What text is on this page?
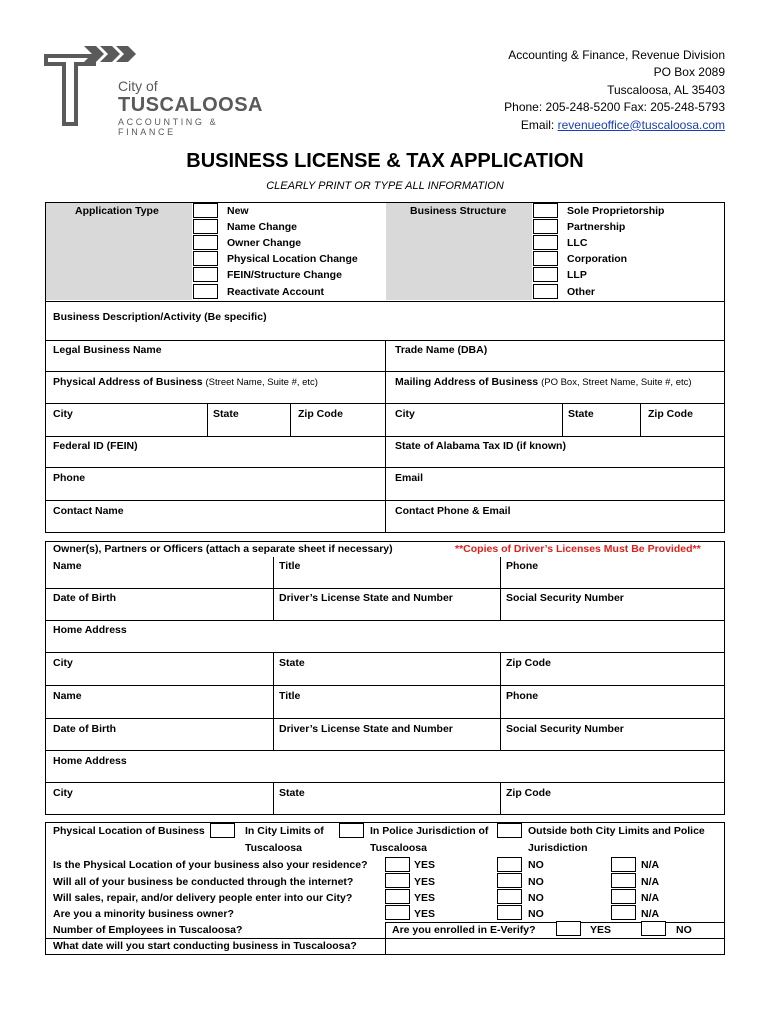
City of
TUSCALOOSA
ACCOUNTING & FINANCE
Accounting & Finance, Revenue Division
PO Box 2089
Tuscaloosa, AL 35403
Phone: 205-248-5200 Fax: 205-248-5793
Email: revenueoffice@tuscaloosa.com
BUSINESS LICENSE & TAX APPLICATION
CLEARLY PRINT OR TYPE ALL INFORMATION
Application Type	Business Structure
New
Name Change
Owner Change
Physical Location Change
FEIN/Structure Change
Reactivate Account
Sole Proprietorship
Partnership
LLC
Corporation
LLP
Other
Business Description/Activity (Be specific)
Legal Business Name	Trade Name (DBA)
Physical Address of Business (Street Name, Suite #, etc)	Mailing Address of Business (PO Box, Street Name, Suite #, etc)
City	State	Zip Code	City	State	Zip Code
Federal ID (FEIN)	State of Alabama Tax ID (if known)
Phone	Email
Contact Name	Contact Phone & Email
Owner(s), Partners or Officers (attach a separate sheet if necessary)	**Copies of Driver’s Licenses Must Be Provided**
Name	Title	Phone
Date of Birth	Driver’s License State and Number	Social Security Number
Home Address
City	State	Zip Code
Name	Title	Phone
Date of Birth	Driver’s License State and Number	Social Security Number
Home Address
City	State	Zip Code
Physical Location of Business	In City Limits of
Tuscaloosa
In Police Jurisdiction of
Tuscaloosa
Outside both City Limits and Police
Jurisdiction
Is the Physical Location of your business also your residence?	YES	NO	N/A
Will all of your business be conducted through the internet?	YES	NO	N/A
Will sales, repair, and/or delivery people enter into our City?	YES	NO	N/A
Are you a minority business owner?	YES	NO	N/A
Number of Employees in Tuscaloosa?	Are you enrolled in E-Verify?	YES	NO
What date will you start conducting business in Tuscaloosa?
